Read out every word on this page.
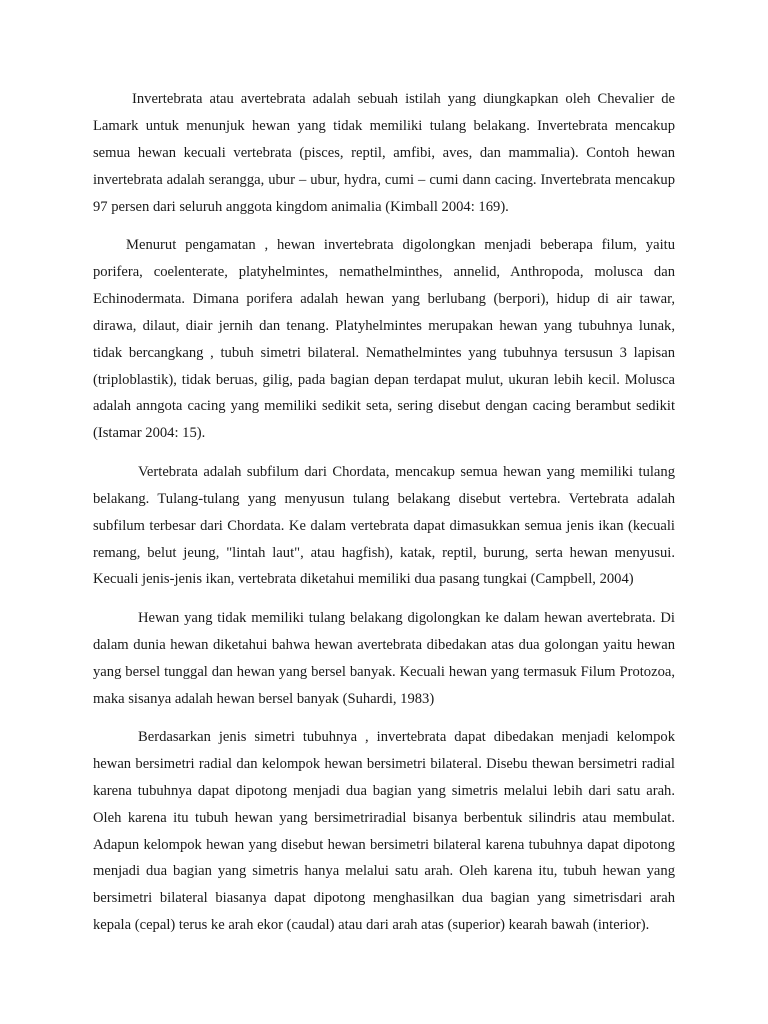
Invertebrata atau avertebrata adalah sebuah istilah yang diungkapkan oleh Chevalier de Lamark untuk menunjuk hewan yang tidak memiliki tulang belakang. Invertebrata mencakup semua hewan kecuali vertebrata (pisces, reptil, amfibi, aves, dan mammalia). Contoh hewan invertebrata adalah serangga, ubur – ubur, hydra, cumi – cumi dann cacing. Invertebrata mencakup 97 persen dari seluruh anggota kingdom animalia (Kimball 2004: 169).

Menurut pengamatan , hewan invertebrata digolongkan menjadi beberapa filum, yaitu porifera, coelenterate, platyhelmintes, nemathelminthes, annelid, Anthropoda, molusca dan Echinodermata. Dimana porifera adalah hewan yang berlubang (berpori), hidup di air tawar, dirawa, dilaut, diair jernih dan tenang. Platyhelmintes merupakan hewan yang tubuhnya lunak, tidak bercangkang , tubuh simetri bilateral. Nemathelmintes yang tubuhnya tersusun 3 lapisan (triploblastik), tidak beruas, gilig, pada bagian depan terdapat mulut, ukuran lebih kecil. Molusca adalah anngota cacing yang memiliki sedikit seta, sering disebut dengan cacing berambut sedikit (Istamar 2004: 15).

Vertebrata adalah subfilum dari Chordata, mencakup semua hewan yang memiliki tulang belakang. Tulang-tulang yang menyusun tulang belakang disebut vertebra. Vertebrata adalah subfilum terbesar dari Chordata. Ke dalam vertebrata dapat dimasukkan semua jenis ikan (kecuali remang, belut jeung, "lintah laut", atau hagfish), katak, reptil, burung, serta hewan menyusui. Kecuali jenis-jenis ikan, vertebrata diketahui memiliki dua pasang tungkai (Campbell, 2004)

Hewan yang tidak memiliki tulang belakang digolongkan ke dalam hewan avertebrata. Di dalam dunia hewan diketahui bahwa hewan avertebrata dibedakan atas dua golongan yaitu hewan yang bersel tunggal dan hewan yang bersel banyak. Kecuali hewan yang termasuk Filum Protozoa, maka sisanya adalah hewan bersel banyak (Suhardi, 1983)

Berdasarkan jenis simetri tubuhnya , invertebrata dapat dibedakan menjadi kelompok hewan bersimetri radial dan kelompok hewan bersimetri bilateral. Disebu thewan bersimetri radial karena tubuhnya dapat dipotong menjadi dua bagian yang simetris melalui lebih dari satu arah. Oleh karena itu tubuh hewan yang bersimetriradial bisanya berbentuk silindris atau membulat. Adapun kelompok hewan yang disebut hewan bersimetri bilateral karena tubuhnya dapat dipotong menjadi dua bagian yang simetris hanya melalui satu arah. Oleh karena itu, tubuh hewan yang bersimetri bilateral biasanya dapat dipotong menghasilkan dua bagian yang simetrisdari arah kepala (cepal) terus ke arah ekor (caudal) atau dari arah atas (superior) kearah bawah (interior).
